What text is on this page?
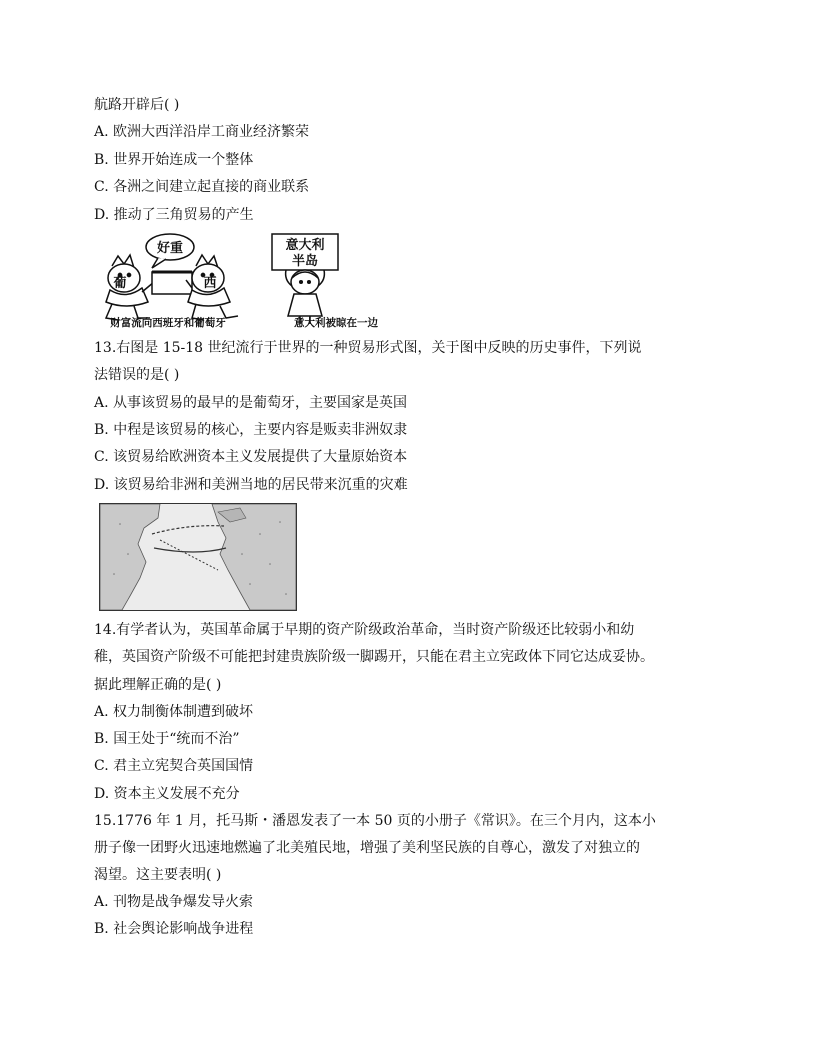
航路开辟后( )

A. 欧洲大西洋沿岸工商业经济繁荣

B. 世界开始连成一个整体

C. 各洲之间建立起直接的商业联系

D. 推动了三角贸易的产生

好重
葡	西
意大利
半岛
财富流向西班牙和葡萄牙	意大利被晾在一边

13.右图是 15-18 世纪流行于世界的一种贸易形式图，关于图中反映的历史事件，下列说

法错误的是( )

A. 从事该贸易的最早的是葡萄牙，主要国家是英国

B. 中程是该贸易的核心，主要内容是贩卖非洲奴隶

C. 该贸易给欧洲资本主义发展提供了大量原始资本

D. 该贸易给非洲和美洲当地的居民带来沉重的灾难

14.有学者认为，英国革命属于早期的资产阶级政治革命，当时资产阶级还比较弱小和幼

稚，英国资产阶级不可能把封建贵族阶级一脚踢开，只能在君主立宪政体下同它达成妥协。

据此理解正确的是( )

A. 权力制衡体制遭到破坏

B. 国王处于“统而不治”

C. 君主立宪契合英国国情

D. 资本主义发展不充分

15.1776 年 1 月，托马斯・潘恩发表了一本 50 页的小册子《常识》。在三个月内，这本小

册子像一团野火迅速地燃遍了北美殖民地，增强了美利坚民族的自尊心，激发了对独立的

渴望。这主要表明( )

A. 刊物是战争爆发导火索

B. 社会舆论影响战争进程
